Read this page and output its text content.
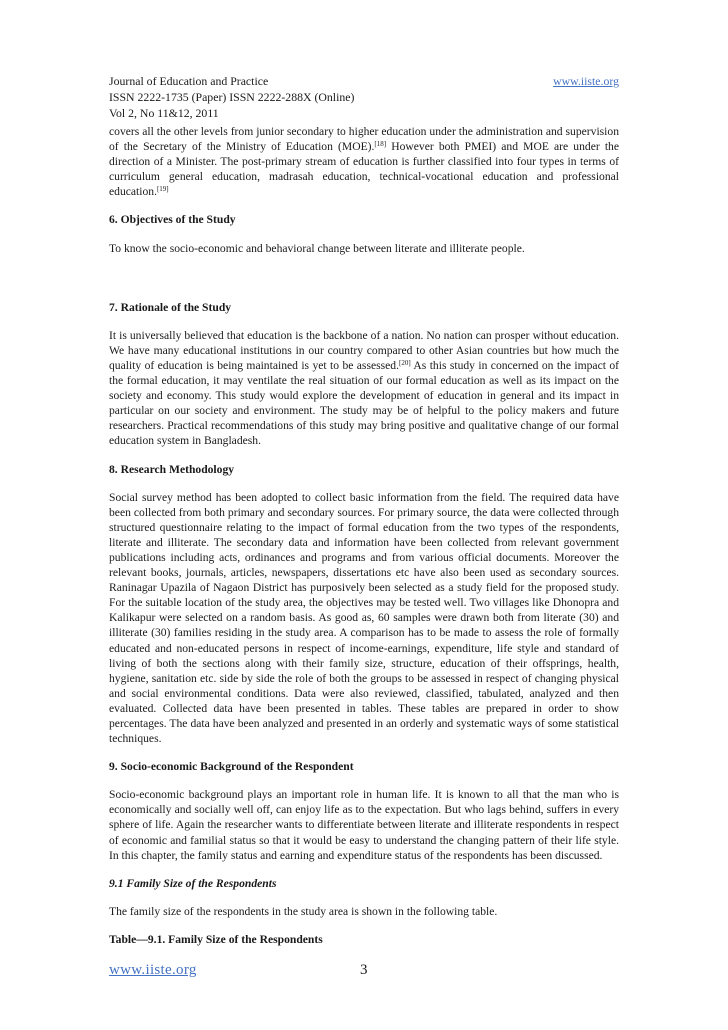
Journal of Education and Practice	www.iiste.org
ISSN 2222-1735 (Paper) ISSN 2222-288X (Online)
Vol 2, No 11&12, 2011

covers all the other levels from junior secondary to higher education under the administration and supervision of the Secretary of the Ministry of Education (MOE).[18] However both PMEI) and MOE are under the direction of a Minister. The post-primary stream of education is further classified into four types in terms of curriculum general education, madrasah education, technical-vocational education and professional education.[19]

6. Objectives of the Study

To know the socio-economic and behavioral change between literate and illiterate people.

7. Rationale of the Study

It is universally believed that education is the backbone of a nation. No nation can prosper without education. We have many educational institutions in our country compared to other Asian countries but how much the quality of education is being maintained is yet to be assessed.[20] As this study in concerned on the impact of the formal education, it may ventilate the real situation of our formal education as well as its impact on the society and economy. This study would explore the development of education in general and its impact in particular on our society and environment. The study may be of helpful to the policy makers and future researchers. Practical recommendations of this study may bring positive and qualitative change of our formal education system in Bangladesh.

8. Research Methodology

Social survey method has been adopted to collect basic information from the field. The required data have been collected from both primary and secondary sources. For primary source, the data were collected through structured questionnaire relating to the impact of formal education from the two types of the respondents, literate and illiterate. The secondary data and information have been collected from relevant government publications including acts, ordinances and programs and from various official documents. Moreover the relevant books, journals, articles, newspapers, dissertations etc have also been used as secondary sources. Raninagar Upazila of Nagaon District has purposively been selected as a study field for the proposed study. For the suitable location of the study area, the objectives may be tested well. Two villages like Dhonopra and Kalikapur were selected on a random basis. As good as, 60 samples were drawn both from literate (30) and illiterate (30) families residing in the study area. A comparison has to be made to assess the role of formally educated and non-educated persons in respect of income-earnings, expenditure, life style and standard of living of both the sections along with their family size, structure, education of their offsprings, health, hygiene, sanitation etc. side by side the role of both the groups to be assessed in respect of changing physical and social environmental conditions. Data were also reviewed, classified, tabulated, analyzed and then evaluated. Collected data have been presented in tables. These tables are prepared in order to show percentages. The data have been analyzed and presented in an orderly and systematic ways of some statistical techniques.

9. Socio-economic Background of the Respondent

Socio-economic background plays an important role in human life. It is known to all that the man who is economically and socially well off, can enjoy life as to the expectation. But who lags behind, suffers in every sphere of life. Again the researcher wants to differentiate between literate and illiterate respondents in respect of economic and familial status so that it would be easy to understand the changing pattern of their life style. In this chapter, the family status and earning and expenditure status of the respondents has been discussed.

9.1 Family Size of the Respondents

The family size of the respondents in the study area is shown in the following table.

Table—9.1. Family Size of the Respondents
www.iiste.org	3
